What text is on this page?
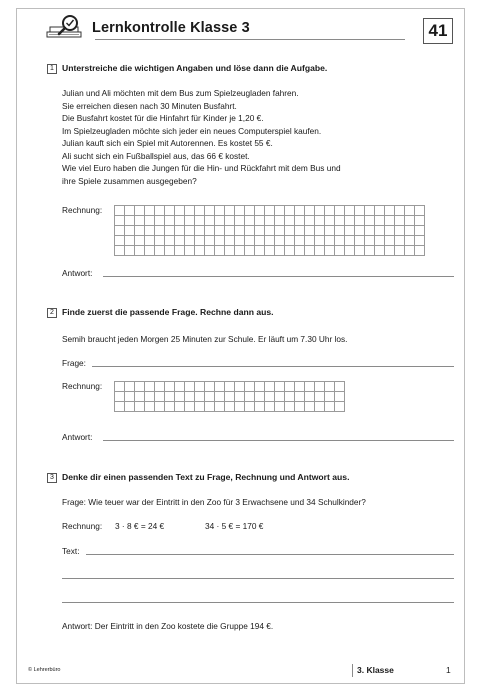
Lernkontrolle Klasse 3	41
1 Unterstreiche die wichtigen Angaben und löse dann die Aufgabe.
Julian und Ali möchten mit dem Bus zum Spielzeugladen fahren.
Sie erreichen diesen nach 30 Minuten Busfahrt.
Die Busfahrt kostet für die Hinfahrt für Kinder je 1,20 €.
Im Spielzeugladen möchte sich jeder ein neues Computerspiel kaufen.
Julian kauft sich ein Spiel mit Autorennen. Es kostet 55 €.
Ali sucht sich ein Fußballspiel aus, das 66 € kostet.
Wie viel Euro haben die Jungen für die Hin- und Rückfahrt mit dem Bus und
ihre Spiele zusammen ausgegeben?
Rechnung:
Antwort:
2 Finde zuerst die passende Frage. Rechne dann aus.
Semih braucht jeden Morgen 25 Minuten zur Schule. Er läuft um 7.30 Uhr los.
Frage:
Rechnung:
Antwort:
3 Denke dir einen passenden Text zu Frage, Rechnung und Antwort aus.
Frage: Wie teuer war der Eintritt in den Zoo für 3 Erwachsene und 34 Schulkinder?
Rechnung: 3 · 8 € = 24 €	34 · 5 € = 170 €
Text:
Antwort: Der Eintritt in den Zoo kostete die Gruppe 194 €.
© Lehrerbüro	3. Klasse	1
